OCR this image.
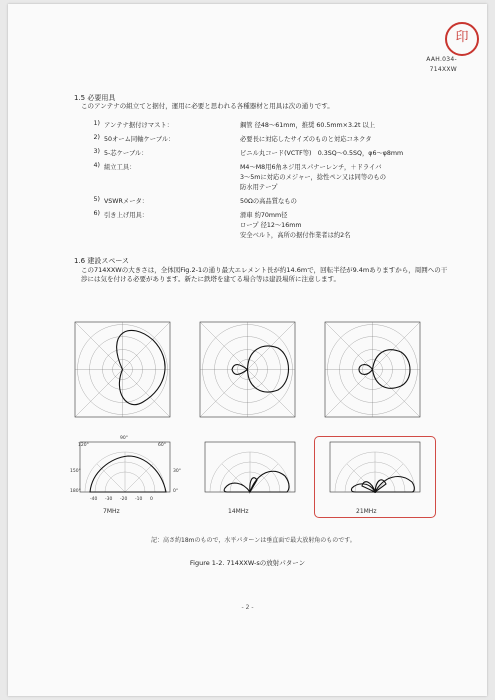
印
AAH.034-
714XXW
1.5 必要用具
このアンテナの組立てと据付，運用に必要と思われる各種器材と用具は次の通りです。
1) アンテナ据付けマスト：	鋼管 径48～61mm，推奨 60.5mm×3.2t 以上
2) 50オーム同軸ケーブル：	必要長に対応したサイズのものと対応コネクタ
3) 5-芯ケーブル：	ビニル丸コード(VCTF等)　0.3SQ～0.5SQ，φ6～φ8mm
4) 組立工具：	M4～M8用6角ネジ用スパナーレンチ，＋ドライバ
3～5mに対応のメジャー，捻性ペン又は同等のもの
防水用テープ
5) VSWRメータ：	50Ωの高品質なもの
6) 引き上げ用具：	滑車 約70mm径
ロープ 径12～16mm
安全ベルト，高所の据付作業者は約2名
1.6 建設スペース
この714XXWの大きさは，全体図Fig.2-1の通り最大エレメント長が約14.6mで，回転半径が9.4mありますから，周囲への干渉には気を付ける必要があります。新たに鉄塔を建てる場合等は建設場所に注意します。
120°
90°
60°
30°
0°
150°
180°
-40 -30 -20 -10 0
7MHz	14MHz	21MHz
記：高さ約18mのもので，水平パターンは垂直面で最大放射角のものです。
Figure 1-2. 714XXW-sの放射パターン
- 2 -
